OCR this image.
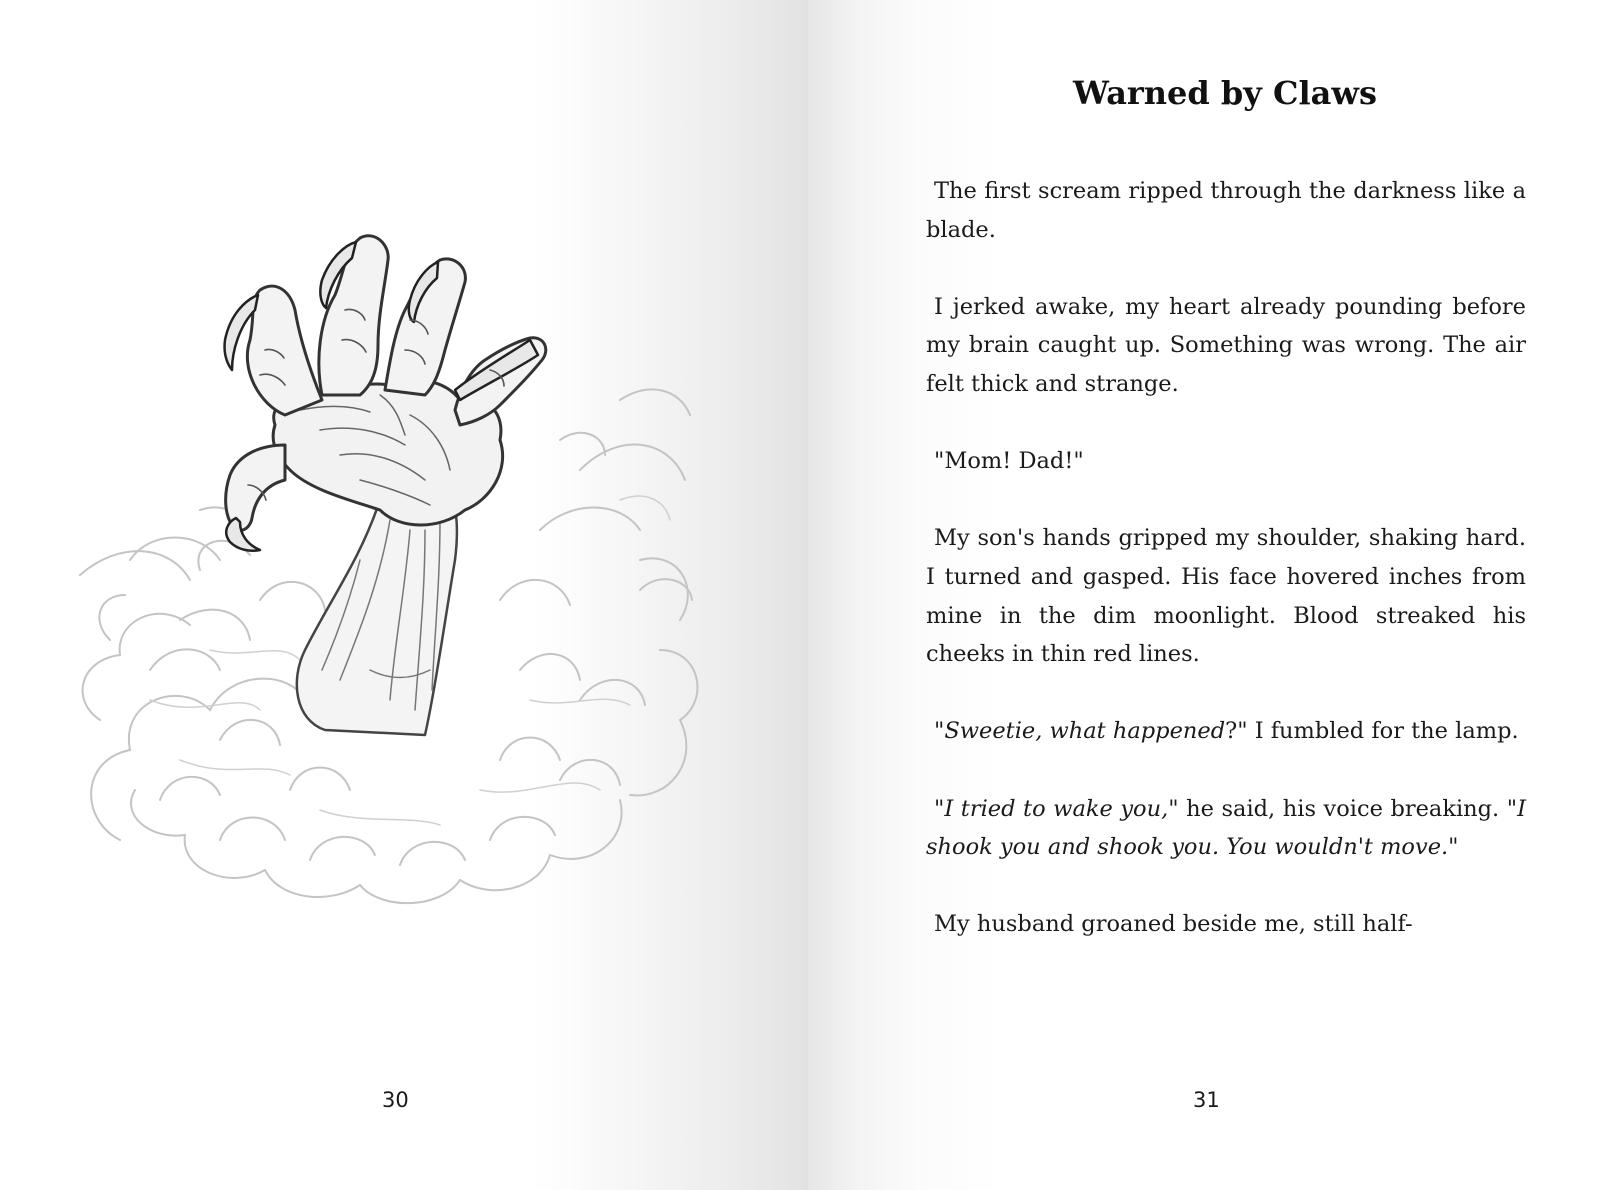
30	31
Warned by Claws

The first scream ripped through the darkness like a blade.

I jerked awake, my heart already pounding before my brain caught up. Something was wrong. The air felt thick and strange.

"Mom! Dad!"

My son's hands gripped my shoulder, shaking hard. I turned and gasped. His face hovered inches from mine in the dim moonlight. Blood streaked his cheeks in thin red lines.

"Sweetie, what happened?" I fumbled for the lamp.

"I tried to wake you," he said, his voice breaking. "I shook you and shook you. You wouldn't move."

My husband groaned beside me, still half-
